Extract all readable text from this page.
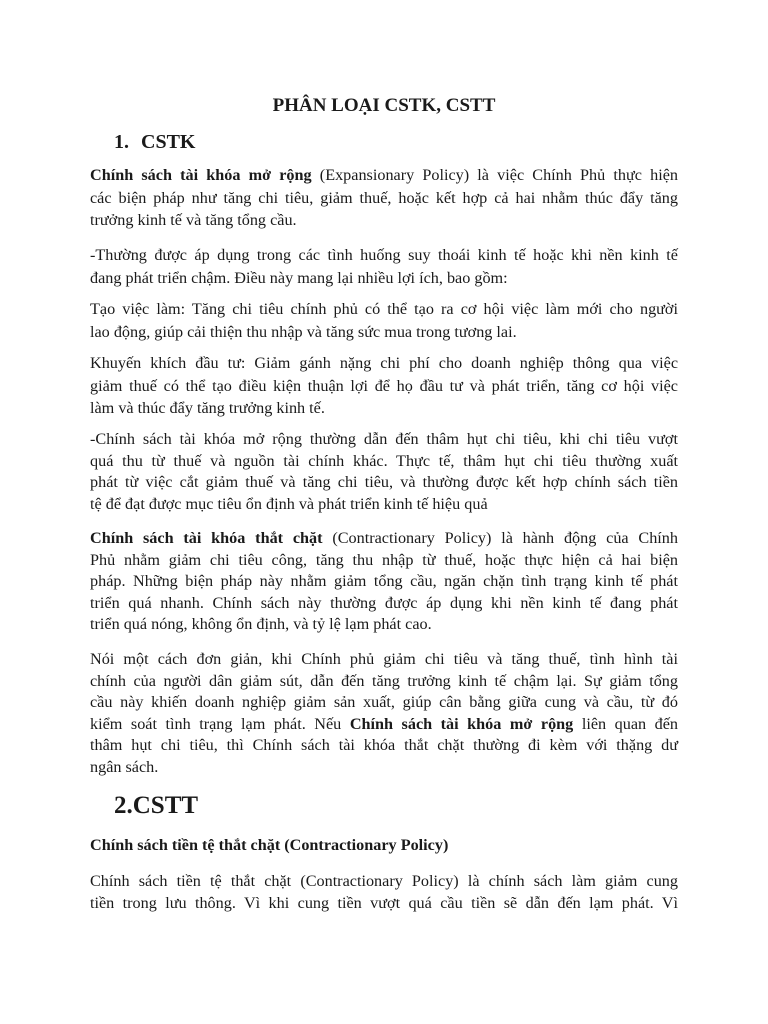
PHÂN LOẠI CSTK, CSTT
1. CSTK
Chính sách tài khóa mở rộng (Expansionary Policy) là việc Chính Phủ thực hiện
các biện pháp như tăng chi tiêu, giảm thuế, hoặc kết hợp cả hai nhằm thúc đẩy tăng
trưởng kinh tế và tăng tổng cầu.
-Thường được áp dụng trong các tình huống suy thoái kinh tế hoặc khi nền kinh tế
đang phát triển chậm. Điều này mang lại nhiều lợi ích, bao gồm:
Tạo việc làm: Tăng chi tiêu chính phủ có thể tạo ra cơ hội việc làm mới cho người
lao động, giúp cải thiện thu nhập và tăng sức mua trong tương lai.
Khuyến khích đầu tư: Giảm gánh nặng chi phí cho doanh nghiệp thông qua việc
giảm thuế có thể tạo điều kiện thuận lợi để họ đầu tư và phát triển, tăng cơ hội việc
làm và thúc đẩy tăng trưởng kinh tế.
-Chính sách tài khóa mở rộng thường dẫn đến thâm hụt chi tiêu, khi chi tiêu vượt
quá thu từ thuế và nguồn tài chính khác. Thực tế, thâm hụt chi tiêu thường xuất
phát từ việc cắt giảm thuế và tăng chi tiêu, và thường được kết hợp chính sách tiền
tệ để đạt được mục tiêu ổn định và phát triển kinh tế hiệu quả
Chính sách tài khóa thắt chặt (Contractionary Policy) là hành động của Chính
Phủ nhằm giảm chi tiêu công, tăng thu nhập từ thuế, hoặc thực hiện cả hai biện
pháp. Những biện pháp này nhằm giảm tổng cầu, ngăn chặn tình trạng kinh tế phát
triển quá nhanh. Chính sách này thường được áp dụng khi nền kinh tế đang phát
triển quá nóng, không ổn định, và tỷ lệ lạm phát cao.
Nói một cách đơn giản, khi Chính phủ giảm chi tiêu và tăng thuế, tình hình tài
chính của người dân giảm sút, dẫn đến tăng trưởng kinh tế chậm lại. Sự giảm tổng
cầu này khiến doanh nghiệp giảm sản xuất, giúp cân bằng giữa cung và cầu, từ đó
kiểm soát tình trạng lạm phát. Nếu Chính sách tài khóa mở rộng liên quan đến
thâm hụt chi tiêu, thì Chính sách tài khóa thắt chặt thường đi kèm với thặng dư
ngân sách.
2.CSTT
Chính sách tiền tệ thắt chặt (Contractionary Policy)
Chính sách tiền tệ thắt chặt (Contractionary Policy) là chính sách làm giảm cung
tiền trong lưu thông. Vì khi cung tiền vượt quá cầu tiền sẽ dẫn đến lạm phát. Vì
